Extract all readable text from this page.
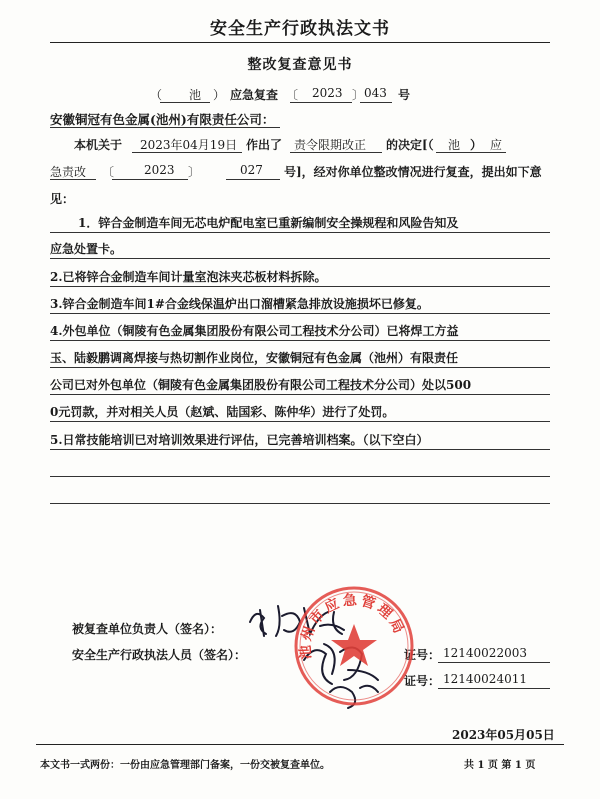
安全生产行政执法文书
整改复查意见书
（ 池 ） 应急复查 〔 2023 〕 043 号
安徽铜冠有色金属(池州)有限责任公司：
本机关于 2023年04月19日 作出了 责令限期改正 的决定[（ 池 ） 应
急责改 〔 2023 〕	027 号]，经对你单位整改情况进行复查，提出如下意
见：
1．锌合金制造车间无芯电炉配电室已重新编制安全操规程和风险告知及
应急处置卡。
2.已将锌合金制造车间计量室泡沫夹芯板材料拆除。
3.锌合金制造车间1#合金线保温炉出口溜槽紧急排放设施损坏已修复。
4.外包单位（铜陵有色金属集团股份有限公司工程技术分公司）已将焊工方益
玉、陆毅鹏调离焊接与热切割作业岗位，安徽铜冠有色金属（池州）有限责任
公司已对外包单位（铜陵有色金属集团股份有限公司工程技术分公司）处以500
0元罚款，并对相关人员（赵斌、陆国彩、陈仲华）进行了处罚。
5.日常技能培训已对培训效果进行评估，已完善培训档案。（以下空白）
被复查单位负责人（签名）：
安全生产行政执法人员（签名）：	证号： 12140022003
证号： 12140024011
池州市应急管理局
2023年05月05日
本文书一式两份：一份由应急管理部门备案，一份交被复查单位。	共 1 页 第 1 页
